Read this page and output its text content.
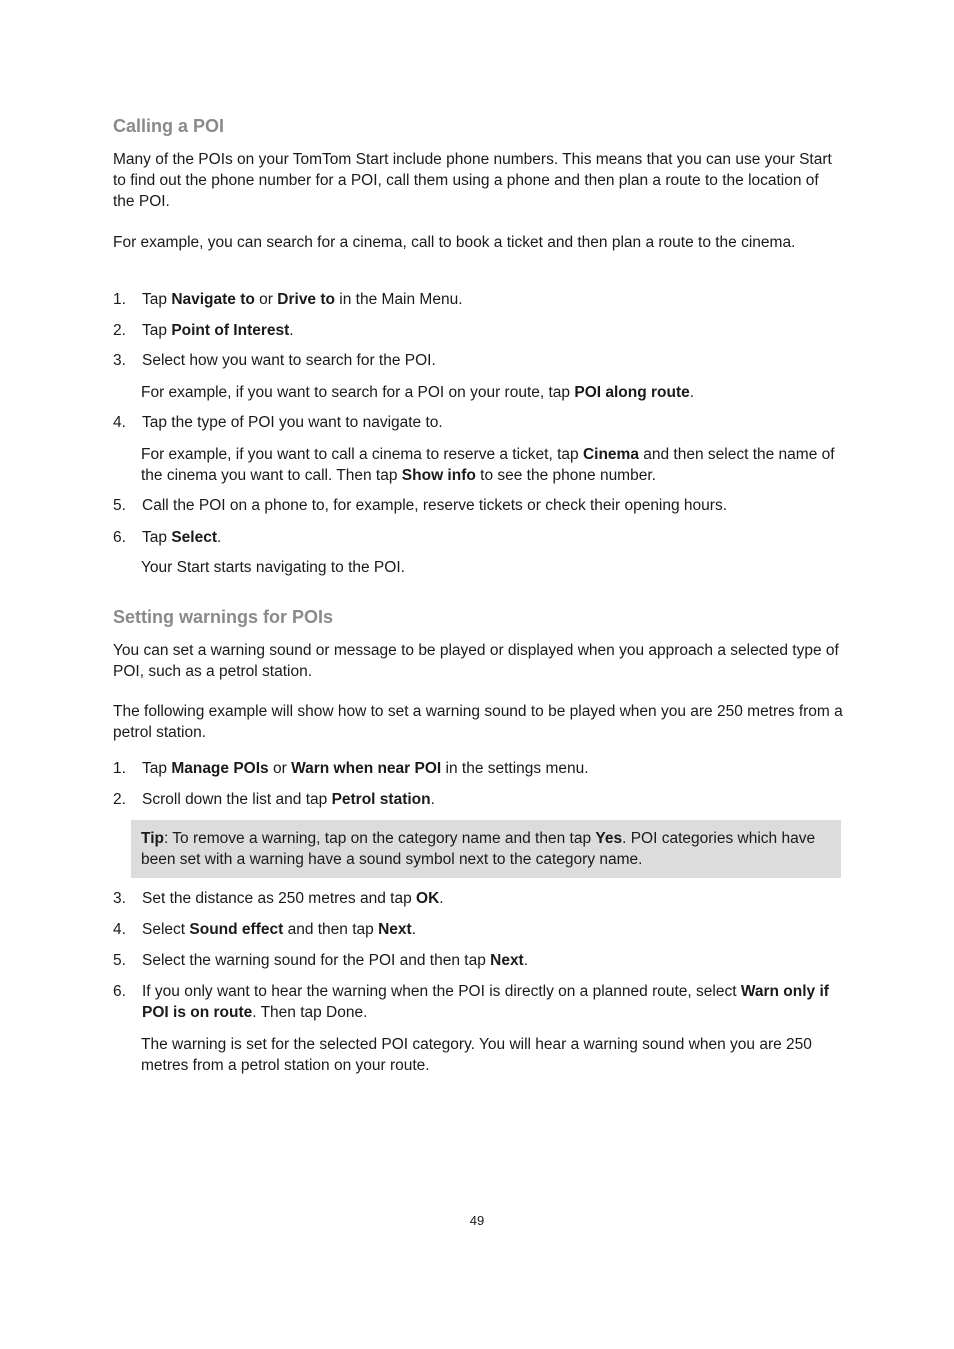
Calling a POI

Many of the POIs on your TomTom Start include phone numbers. This means that you can use your Start to find out the phone number for a POI, call them using a phone and then plan a route to the location of the POI.

For example, you can search for a cinema, call to book a ticket and then plan a route to the cinema.

1.	Tap Navigate to or Drive to in the Main Menu.
2.	Tap Point of Interest.
3.	Select how you want to search for the POI.
For example, if you want to search for a POI on your route, tap POI along route.
4.	Tap the type of POI you want to navigate to.
For example, if you want to call a cinema to reserve a ticket, tap Cinema and then select the name of the cinema you want to call. Then tap Show info to see the phone number.
5.	Call the POI on a phone to, for example, reserve tickets or check their opening hours.
6.	Tap Select.
Your Start starts navigating to the POI.
Setting warnings for POIs

You can set a warning sound or message to be played or displayed when you approach a selected type of POI, such as a petrol station.

The following example will show how to set a warning sound to be played when you are 250 metres from a petrol station.

1.	Tap Manage POIs or Warn when near POI in the settings menu.
2.	Scroll down the list and tap Petrol station.
Tip: To remove a warning, tap on the category name and then tap Yes. POI categories which have been set with a warning have a sound symbol next to the category name.
3.	Set the distance as 250 metres and tap OK.
4.	Select Sound effect and then tap Next.
5.	Select the warning sound for the POI and then tap Next.
6.	If you only want to hear the warning when the POI is directly on a planned route, select Warn only if POI is on route. Then tap Done.
The warning is set for the selected POI category. You will hear a warning sound when you are 250 metres from a petrol station on your route.
49
